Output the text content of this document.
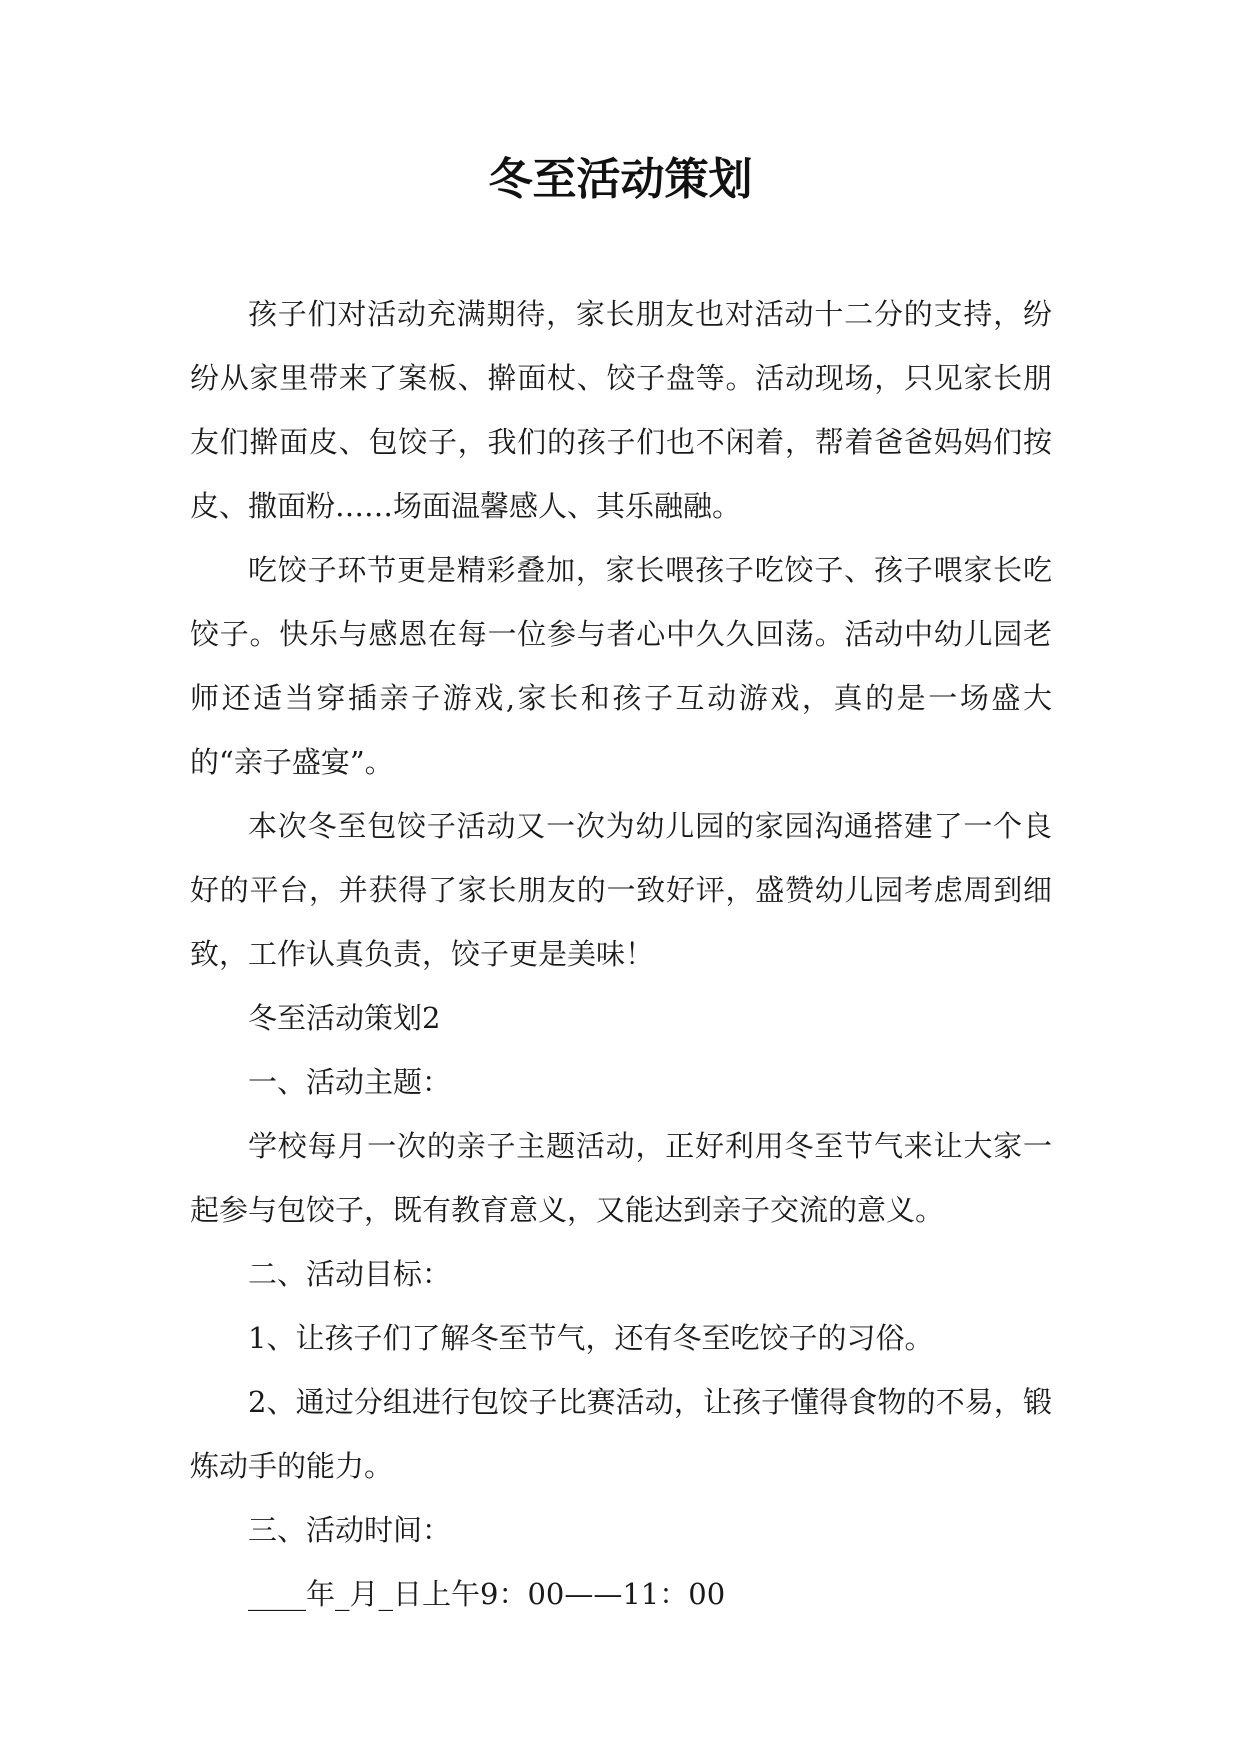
冬至活动策划

孩子们对活动充满期待，家长朋友也对活动十二分的支持，纷纷从家里带来了案板、擀面杖、饺子盘等。活动现场，只见家长朋友们擀面皮、包饺子，我们的孩子们也不闲着，帮着爸爸妈妈们按皮、撒面粉……场面温馨感人、其乐融融。

吃饺子环节更是精彩叠加，家长喂孩子吃饺子、孩子喂家长吃饺子。快乐与感恩在每一位参与者心中久久回荡。活动中幼儿园老师还适当穿插亲子游戏,家长和孩子互动游戏，真的是一场盛大的“亲子盛宴”。

本次冬至包饺子活动又一次为幼儿园的家园沟通搭建了一个良好的平台，并获得了家长朋友的一致好评，盛赞幼儿园考虑周到细致，工作认真负责，饺子更是美味！

冬至活动策划2

一、活动主题：

学校每月一次的亲子主题活动，正好利用冬至节气来让大家一起参与包饺子，既有教育意义，又能达到亲子交流的意义。

二、活动目标：

1、让孩子们了解冬至节气，还有冬至吃饺子的习俗。

2、通过分组进行包饺子比赛活动，让孩子懂得食物的不易，锻炼动手的能力。

三、活动时间：

____年_月_日上午9：00——11：00
